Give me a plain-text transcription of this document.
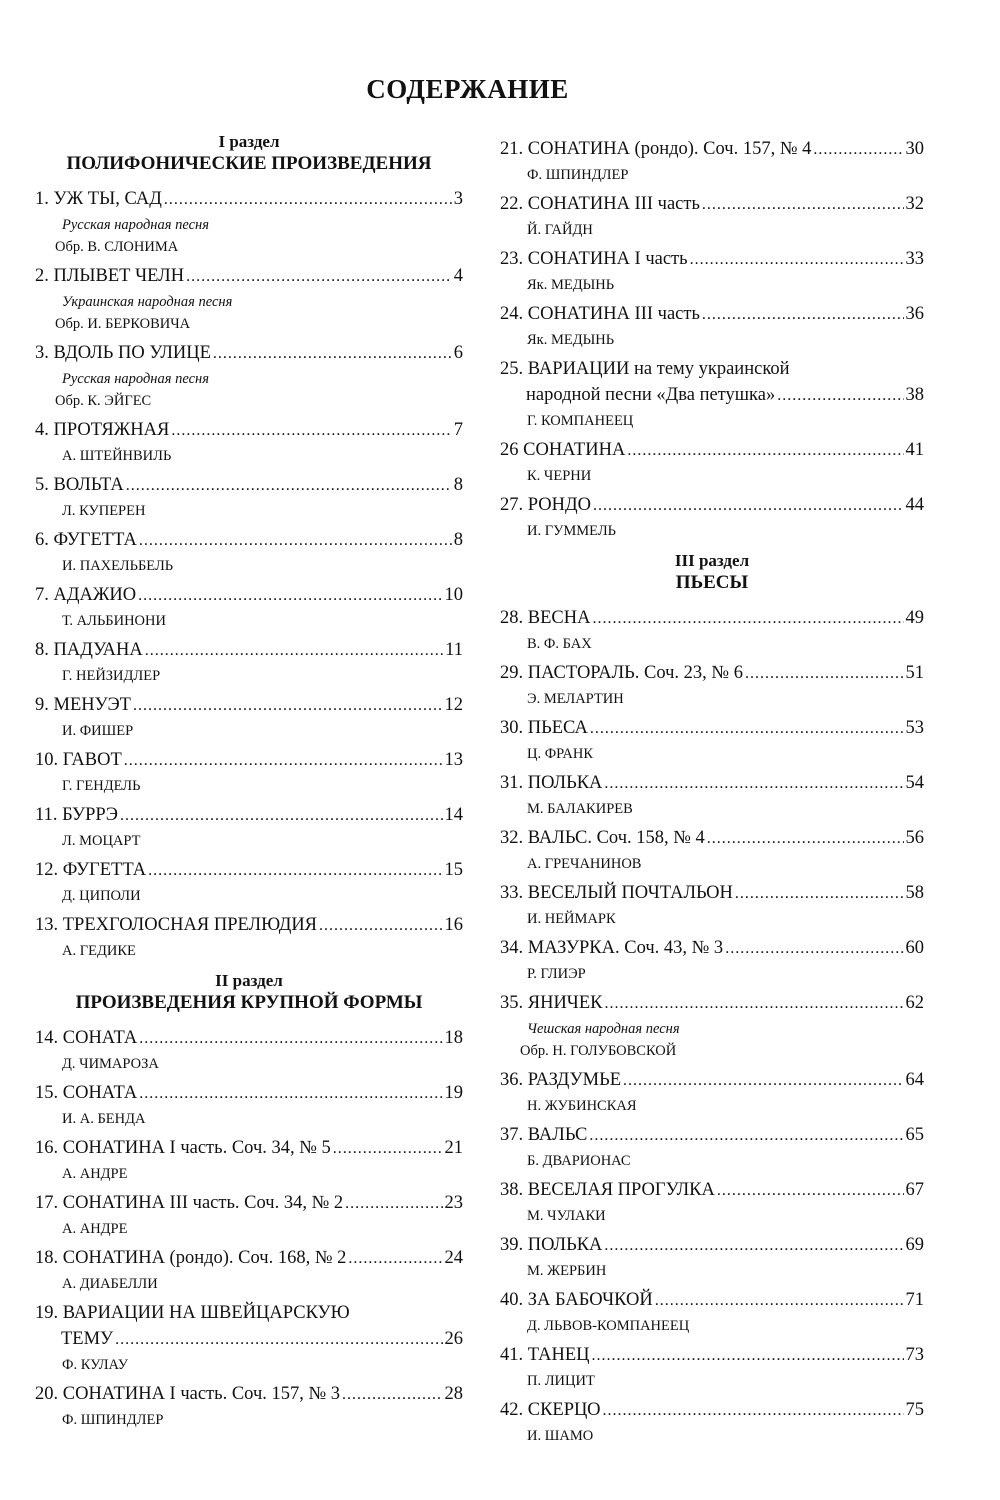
СОДЕРЖАНИЕ
I раздел
ПОЛИФОНИЧЕСКИЕ ПРОИЗВЕДЕНИЯ
1. УЖ ТЫ, САД .....	3
Русская народная песня
Обр. В. СЛОНИМА
2. ПЛЫВЕТ ЧЕЛН .....	4
Украинская народная песня
Обр. И. БЕРКОВИЧА
3. ВДОЛЬ ПО УЛИЦЕ .....	6
Русская народная песня
Обр. К. ЭЙГЕС
4. ПРОТЯЖНАЯ .....	7
А. ШТЕЙНВИЛЬ
5. ВОЛЬТА .....	8
Л. КУПЕРЕН
6. ФУГЕТТА .....	8
И. ПАХЕЛЬБЕЛЬ
7. АДАЖИО .....	10
Т. АЛЬБИНОНИ
8. ПАДУАНА .....	11
Г. НЕЙЗИДЛЕР
9. МЕНУЭТ .....	12
И. ФИШЕР
10. ГАВОТ .....	13
Г. ГЕНДЕЛЬ
11. БУРРЭ .....	14
Л. МОЦАРТ
12. ФУГЕТТА .....	15
Д. ЦИПОЛИ
13. ТРЕХГОЛОСНАЯ ПРЕЛЮДИЯ .....	16
А. ГЕДИКЕ
II раздел
ПРОИЗВЕДЕНИЯ КРУПНОЙ ФОРМЫ
14. СОНАТА .....	18
Д. ЧИМАРОЗА
15. СОНАТА .....	19
И. А. БЕНДА
16. СОНАТИНА I часть. Соч. 34, № 5 .....	21
А. АНДРЕ
17. СОНАТИНА III часть. Соч. 34, № 2 .....	23
А. АНДРЕ
18. СОНАТИНА (рондо). Соч. 168, № 2 .....	24
А. ДИАБЕЛЛИ
19. ВАРИАЦИИ НА ШВЕЙЦАРСКУЮ
ТЕМУ .....	26
Ф. КУЛАУ
20. СОНАТИНА I часть. Соч. 157, № 3 .....	28
Ф. ШПИНДЛЕР
21. СОНАТИНА (рондо). Соч. 157, № 4 .....	30
Ф. ШПИНДЛЕР
22. СОНАТИНА III часть .....	32
Й. ГАЙДН
23. СОНАТИНА I часть .....	33
Як. МЕДЫНЬ
24. СОНАТИНА III часть .....	36
Як. МЕДЫНЬ
25. ВАРИАЦИИ на тему украинской
народной песни «Два петушка» .....	38
Г. КОМПАНЕЕЦ
26 СОНАТИНА .....	41
К. ЧЕРНИ
27. РОНДО .....	44
И. ГУММЕЛЬ
III раздел
ПЬЕСЫ
28. ВЕСНА .....	49
В. Ф. БАХ
29. ПАСТОРАЛЬ. Соч. 23, № 6 .....	51
Э. МЕЛАРТИН
30. ПЬЕСА .....	53
Ц. ФРАНК
31. ПОЛЬКА .....	54
М. БАЛАКИРЕВ
32. ВАЛЬС. Соч. 158, № 4 .....	56
А. ГРЕЧАНИНОВ
33. ВЕСЕЛЫЙ ПОЧТАЛЬОН .....	58
И. НЕЙМАРК
34. МАЗУРКА. Соч. 43, № 3 .....	60
Р. ГЛИЭР
35. ЯНИЧЕК .....	62
Чешская народная песня
Обр. Н. ГОЛУБОВСКОЙ
36. РАЗДУМЬЕ .....	64
Н. ЖУБИНСКАЯ
37. ВАЛЬС .....	65
Б. ДВАРИОНАС
38. ВЕСЕЛАЯ ПРОГУЛКА .....	67
М. ЧУЛАКИ
39. ПОЛЬКА .....	69
М. ЖЕРБИН
40. ЗА БАБОЧКОЙ .....	71
Д. ЛЬВОВ-КОМПАНЕЕЦ
41. ТАНЕЦ .....	73
П. ЛИЦИТ
42. СКЕРЦО .....	75
И. ШАМО
